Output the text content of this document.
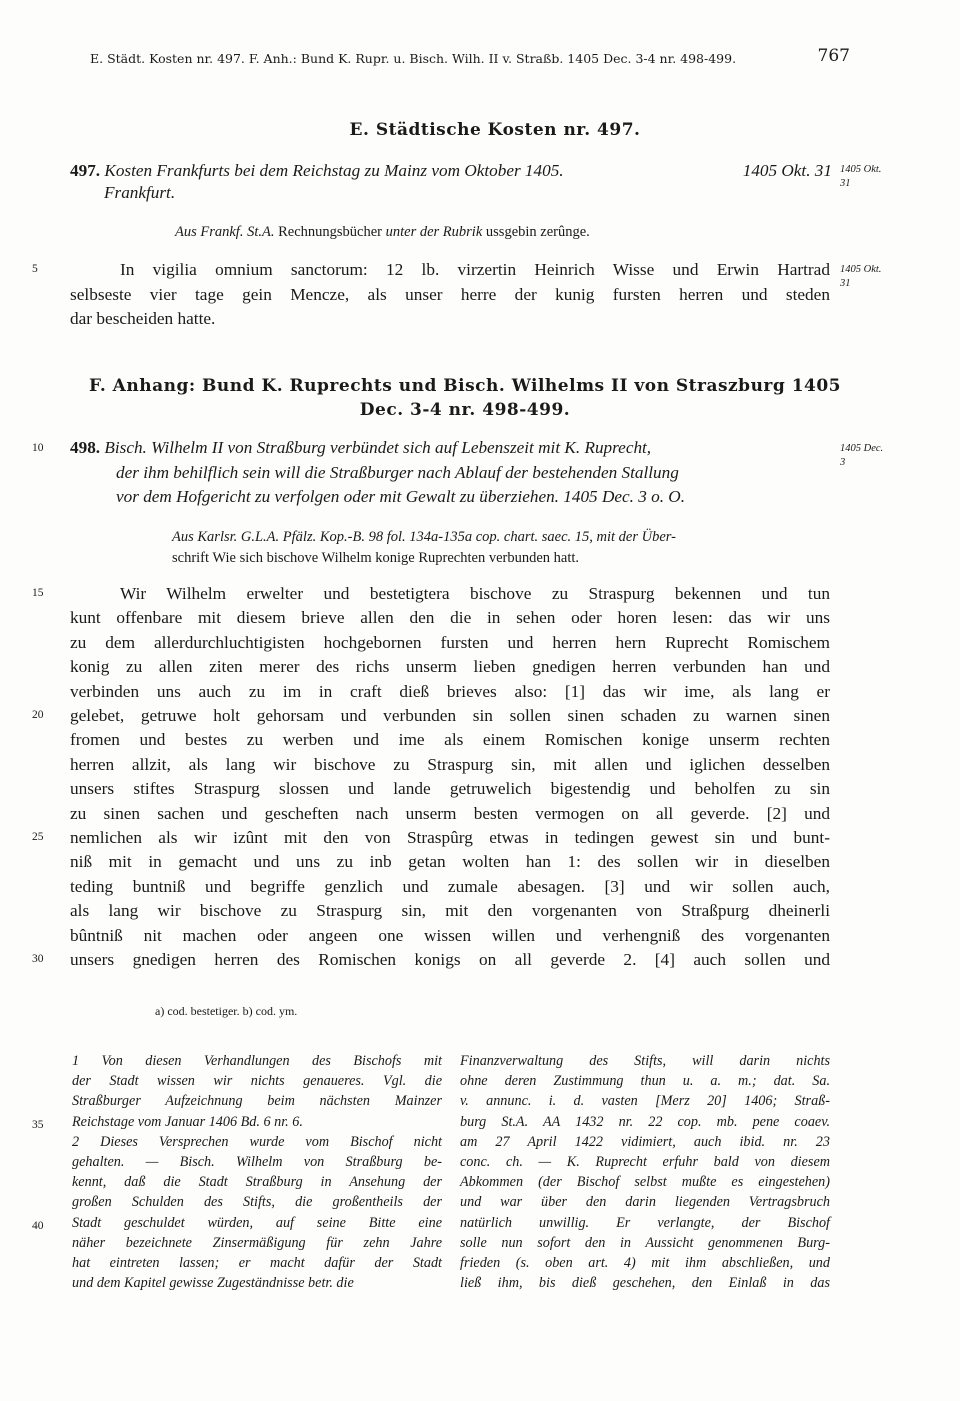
E. Städt. Kosten nr. 497. F. Anh.: Bund K. Rupr. u. Bisch. Wilh. II v. Straßb. 1405 Dec. 3-4 nr. 498-499.	767
E. Städtische Kosten nr. 497.
497. Kosten Frankfurts bei dem Reichstag zu Mainz vom Oktober 1405.	1405 Okt. 31
Frankfurt.
1405 Okt. 31
Aus Frankf. St.A. Rechnungsbücher unter der Rubrik ussgebin zerûnge.
5	In vigilia omnium sanctorum: 12 lb. virzertin Heinrich Wisse und Erwin Hartrad
selbseste vier tage gein Mencze, als unser herre der kunig fursten herren und steden
dar bescheiden hatte.
1405 Okt. 31
F. Anhang: Bund K. Ruprechts und Bisch. Wilhelms II von Straszburg 1405
Dec. 3-4 nr. 498-499.
10 498. Bisch. Wilhelm II von Straßburg verbündet sich auf Lebenszeit mit K. Ruprecht,
der ihm behilflich sein will die Straßburger nach Ablauf der bestehenden Stallung
vor dem Hofgericht zu verfolgen oder mit Gewalt zu überziehen. 1405 Dec. 3 o. O.
1405 Dec. 3
Aus Karlsr. G.L.A. Pfälz. Kop.-B. 98 fol. 134a-135a cop. chart. saec. 15, mit der Über-
schrift Wie sich bischove Wilhelm konige Ruprechten verbunden hatt.
Wir Wilhelm erwelter und bestetigtera bischove zu Straspurg bekennen und tun
15
kunt offenbare mit diesem brieve allen den die in sehen oder horen lesen: das wir uns
zu dem allerdurchluchtigisten hochgebornen fursten und herren hern Ruprecht Romischem
konig zu allen ziten merer des richs unserm lieben gnedigen herren verbunden han und
verbinden uns auch zu im in craft dieß brieves also: [1] das wir ime, als lang er
gelebet, getruwe holt gehorsam und verbunden sin sollen sinen schaden zu warnen sinen
20
fromen und bestes zu werben und ime als einem Romischen konige unserm rechten
herren allzit, als lang wir bischove zu Straspurg sin, mit allen und iglichen desselben
unsers stiftes Straspurg slossen und lande getruwelich bigestendig und beholfen zu sin
zu sinen sachen und gescheften nach unserm besten vermogen on all geverde. [2] und
nemlichen als wir izûnt mit den von Straspûrg etwas in tedingen gewest sin und bunt-
25
niß mit in gemacht und uns zu inb getan wolten han 1: des sollen wir in dieselben
teding buntniß und begriffe genzlich und zumale abesagen. [3] und wir sollen auch,
als lang wir bischove zu Straspurg sin, mit den vorgenanten von Straßpurg dheinerli
bûntniß nit machen oder angeen one wissen willen und verhengniß des vorgenanten
unsers gnedigen herren des Romischen konigs on all geverde 2. [4] auch sollen und
30
a) cod. bestetiger. b) cod. ym.

1 Von diesen Verhandlungen des Bischofs mit

der Stadt wissen wir nichts genaueres. Vgl. die

Straßburger Aufzeichnung beim nächsten Mainzer

Reichstage vom Januar 1406 Bd. 6 nr. 6.

35

2 Dieses Versprechen wurde vom Bischof nicht

gehalten. — Bisch. Wilhelm von Straßburg be-

kennt, daß die Stadt Straßburg in Ansehung der

großen Schulden des Stifts, die großentheils der

Stadt geschuldet würden, auf seine Bitte eine

40

näher bezeichnete Zinsermäßigung für zehn Jahre

hat eintreten lassen; er macht dafür der Stadt

und dem Kapitel gewisse Zugeständnisse betr. die

Finanzverwaltung des Stifts, will darin nichts

ohne deren Zustimmung thun u. a. m.; dat. Sa.

v. annunc. i. d. vasten [Merz 20] 1406; Straß-

burg St.A. AA 1432 nr. 22 cop. mb. pene coaev.

am 27 April 1422 vidimiert, auch ibid. nr. 23

conc. ch. — K. Ruprecht erfuhr bald von diesem

Abkommen (der Bischof selbst mußte es eingestehen)

und war über den darin liegenden Vertragsbruch

natürlich unwillig. Er verlangte, der Bischof

solle nun sofort den in Aussicht genommenen Burg-

frieden (s. oben art. 4) mit ihm abschließen, und

ließ ihm, bis dieß geschehen, den Einlaß in das
